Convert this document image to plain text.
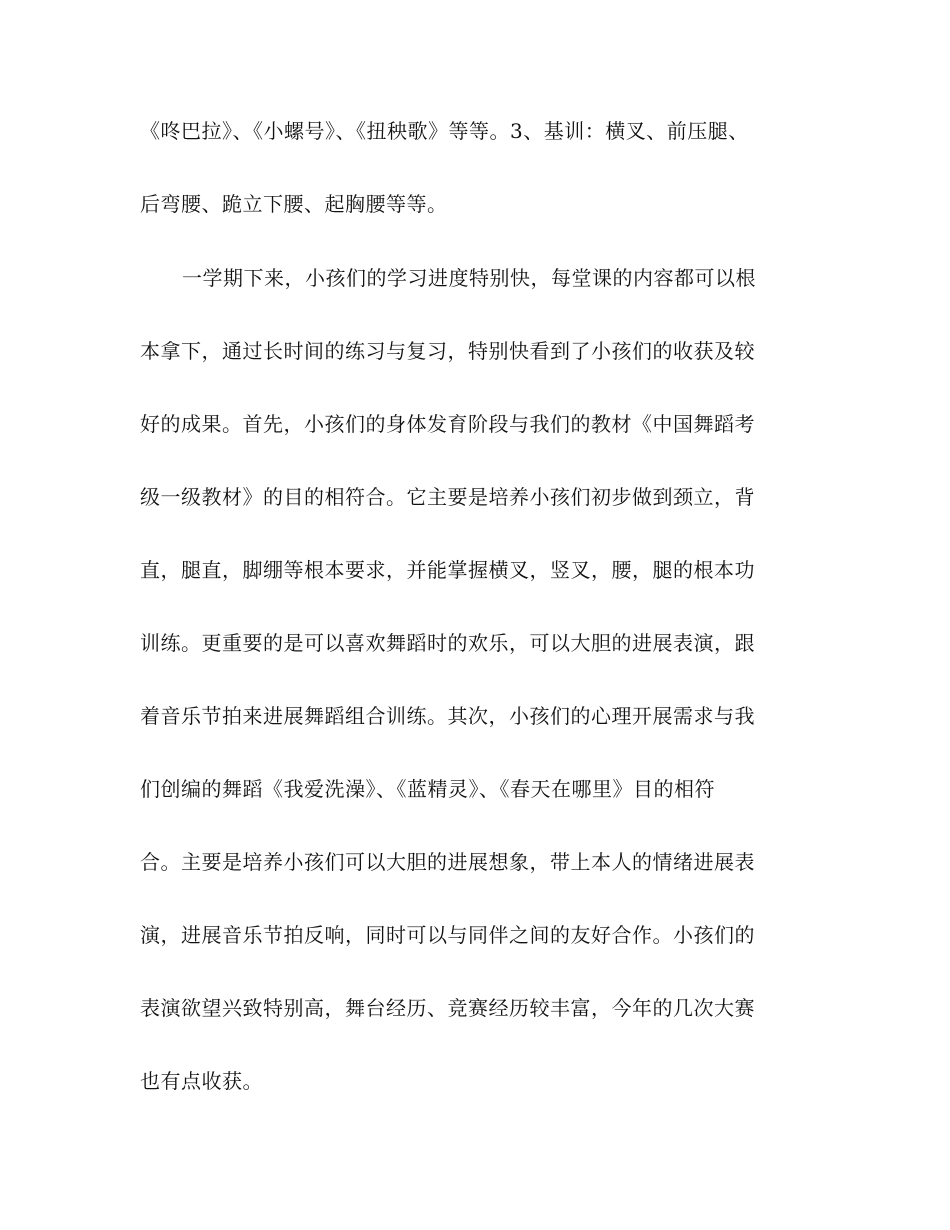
《咚巴拉》、《小螺号》、《扭秧歌》等等。3、基训：横叉、前压腿、
后弯腰、跪立下腰、起胸腰等等。
一学期下来，小孩们的学习进度特别快，每堂课的内容都可以根
本拿下，通过长时间的练习与复习，特别快看到了小孩们的收获及较
好的成果。首先，小孩们的身体发育阶段与我们的教材《中国舞蹈考
级一级教材》的目的相符合。它主要是培养小孩们初步做到颈立，背
直，腿直，脚绷等根本要求，并能掌握横叉，竖叉，腰，腿的根本功
训练。更重要的是可以喜欢舞蹈时的欢乐，可以大胆的进展表演，跟
着音乐节拍来进展舞蹈组合训练。其次，小孩们的心理开展需求与我
们创编的舞蹈《我爱洗澡》、《蓝精灵》、《春天在哪里》目的相符
合。主要是培养小孩们可以大胆的进展想象，带上本人的情绪进展表
演，进展音乐节拍反响，同时可以与同伴之间的友好合作。小孩们的
表演欲望兴致特别高，舞台经历、竞赛经历较丰富，今年的几次大赛
也有点收获。
